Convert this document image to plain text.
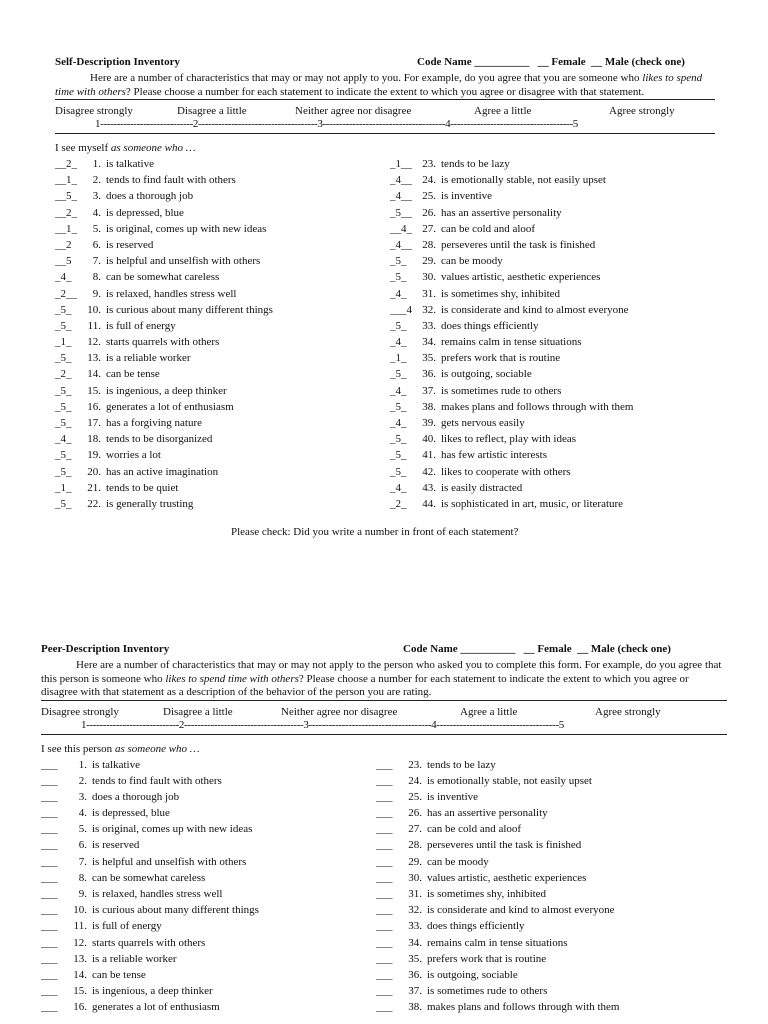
Self-Description Inventory	Code Name __________   __ Female  __ Male (check one)
Here are a number of characteristics that may or may not apply to you. For example, do you agree that you are someone who likes to spend time with others? Please choose a number for each statement to indicate the extent to which you agree or disagree with that statement.
Disagree strongly	Disagree a little	Neither agree nor disagree	Agree a little	Agree strongly
1----------------------------2------------------------------------3-------------------------------------4-------------------------------------5
I see myself as someone who …
__2_ 1. is talkative
__1_ 2. tends to find fault with others
__5_ 3. does a thorough job
__2_ 4. is depressed, blue
__1_ 5. is original, comes up with new ideas
__2 6. is reserved
__5 7. is helpful and unselfish with others
_4_ 8. can be somewhat careless
_2__ 9. is relaxed, handles stress well
_5_ 10. is curious about many different things
_5_ 11. is full of energy
_1_ 12. starts quarrels with others
_5_ 13. is a reliable worker
_2_ 14. can be tense
_5_ 15. is ingenious, a deep thinker
_5_ 16. generates a lot of enthusiasm
_5_ 17. has a forgiving nature
_4_ 18. tends to be disorganized
_5_ 19. worries a lot
_5_ 20. has an active imagination
_1_ 21. tends to be quiet
_5_ 22. is generally trusting
_1__ 23. tends to be lazy
_4__ 24. is emotionally stable, not easily upset
_4__ 25. is inventive
_5__ 26. has an assertive personality
__4_ 27. can be cold and aloof
_4__ 28. perseveres until the task is finished
_5_ 29. can be moody
_5_ 30. values artistic, aesthetic experiences
_4_ 31. is sometimes shy, inhibited
___4 32. is considerate and kind to almost everyone
_5_ 33. does things efficiently
_4_ 34. remains calm in tense situations
_1_ 35. prefers work that is routine
_5_ 36. is outgoing, sociable
_4_ 37. is sometimes rude to others
_5_ 38. makes plans and follows through with them
_4_ 39. gets nervous easily
_5_ 40. likes to reflect, play with ideas
_5_ 41. has few artistic interests
_5_ 42. likes to cooperate with others
_4_ 43. is easily distracted
_2_ 44. is sophisticated in art, music, or literature
Please check: Did you write a number in front of each statement?
Peer-Description Inventory	Code Name __________   __ Female  __ Male (check one)
Here are a number of characteristics that may or may not apply to the person who asked you to complete this form. For example, do you agree that this person is someone who likes to spend time with others? Please choose a number for each statement to indicate the extent to which you agree or disagree with that statement as a description of the behavior of the person you are rating.
Disagree strongly	Disagree a little	Neither agree nor disagree	Agree a little	Agree strongly
1----------------------------2------------------------------------3-------------------------------------4-------------------------------------5
I see this person as someone who …
___ 1. is talkative
___ 2. tends to find fault with others
___ 3. does a thorough job
___ 4. is depressed, blue
___ 5. is original, comes up with new ideas
___ 6. is reserved
___ 7. is helpful and unselfish with others
___ 8. can be somewhat careless
___ 9. is relaxed, handles stress well
___ 10. is curious about many different things
___ 11. is full of energy
___ 12. starts quarrels with others
___ 13. is a reliable worker
___ 14. can be tense
___ 15. is ingenious, a deep thinker
___ 16. generates a lot of enthusiasm
___ 23. tends to be lazy
___ 24. is emotionally stable, not easily upset
___ 25. is inventive
___ 26. has an assertive personality
___ 27. can be cold and aloof
___ 28. perseveres until the task is finished
___ 29. can be moody
___ 30. values artistic, aesthetic experiences
___ 31. is sometimes shy, inhibited
___ 32. is considerate and kind to almost everyone
___ 33. does things efficiently
___ 34. remains calm in tense situations
___ 35. prefers work that is routine
___ 36. is outgoing, sociable
___ 37. is sometimes rude to others
___ 38. makes plans and follows through with them
